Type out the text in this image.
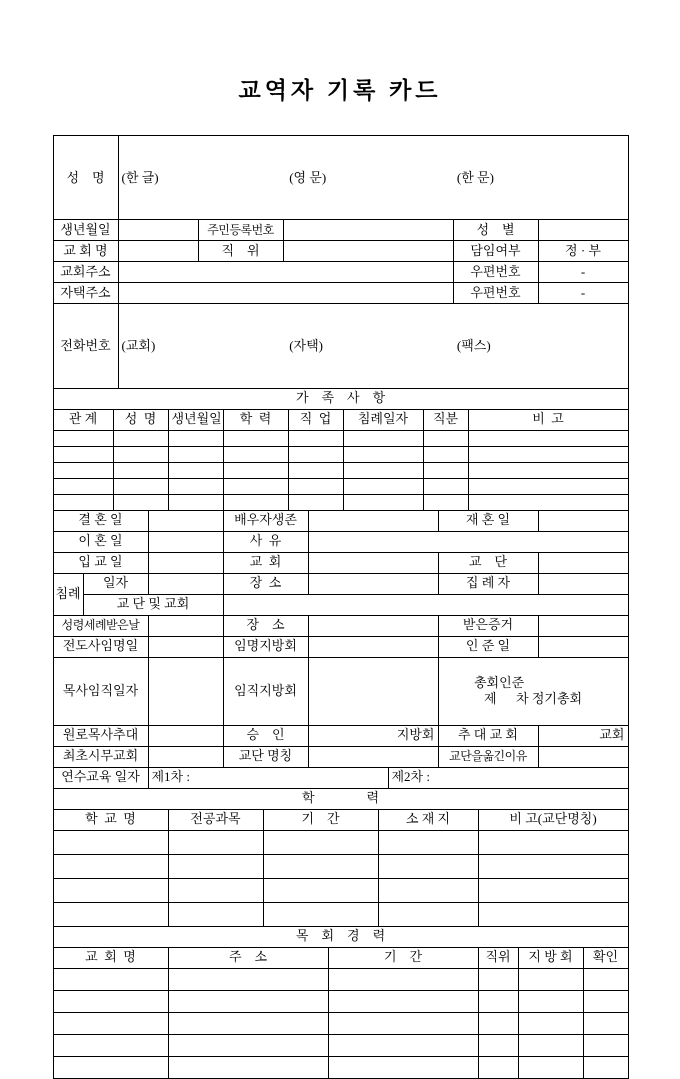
교역자 기록 카드
성    명	(한 글) (영 문) (한 문)				

생년월일		주민등록번호		성    별	
교 회 명		직    위		담임여부	정 · 부
교회주소				우편번호	-
자택주소				우편번호	-
전화번호	(교회) (자택) (팩스)				

가    족    사    항							
관 계	성  명	생년월일	학  력	직  업	침례일자	직분	비  고

결 혼 일			배우자생존		재 혼 일	
이 혼 일			사  유			
입 교 일			교  회		교    단	
침례	일자		장  소		집 례 자	
	교 단 및 교회					
성령세례받은날			장    소		받은증거	
전도사임명일			임명지방회		인 준 일	
목사임직일자			임직지방회		총회인준
제      차 정기총회	

원로목사추대			승    인	지방회	추 대 교 회	교회
최초시무교회			교단 명칭		교단을옮긴이유	
연수교육 일자	제1차 :	제2차 :
학                력				
학  교  명	전공과목	기    간	소 재 지	비 고(교단명칭)

목    회    경    력					
교  회  명	주    소	기    간	직위	지 방 회	확인
